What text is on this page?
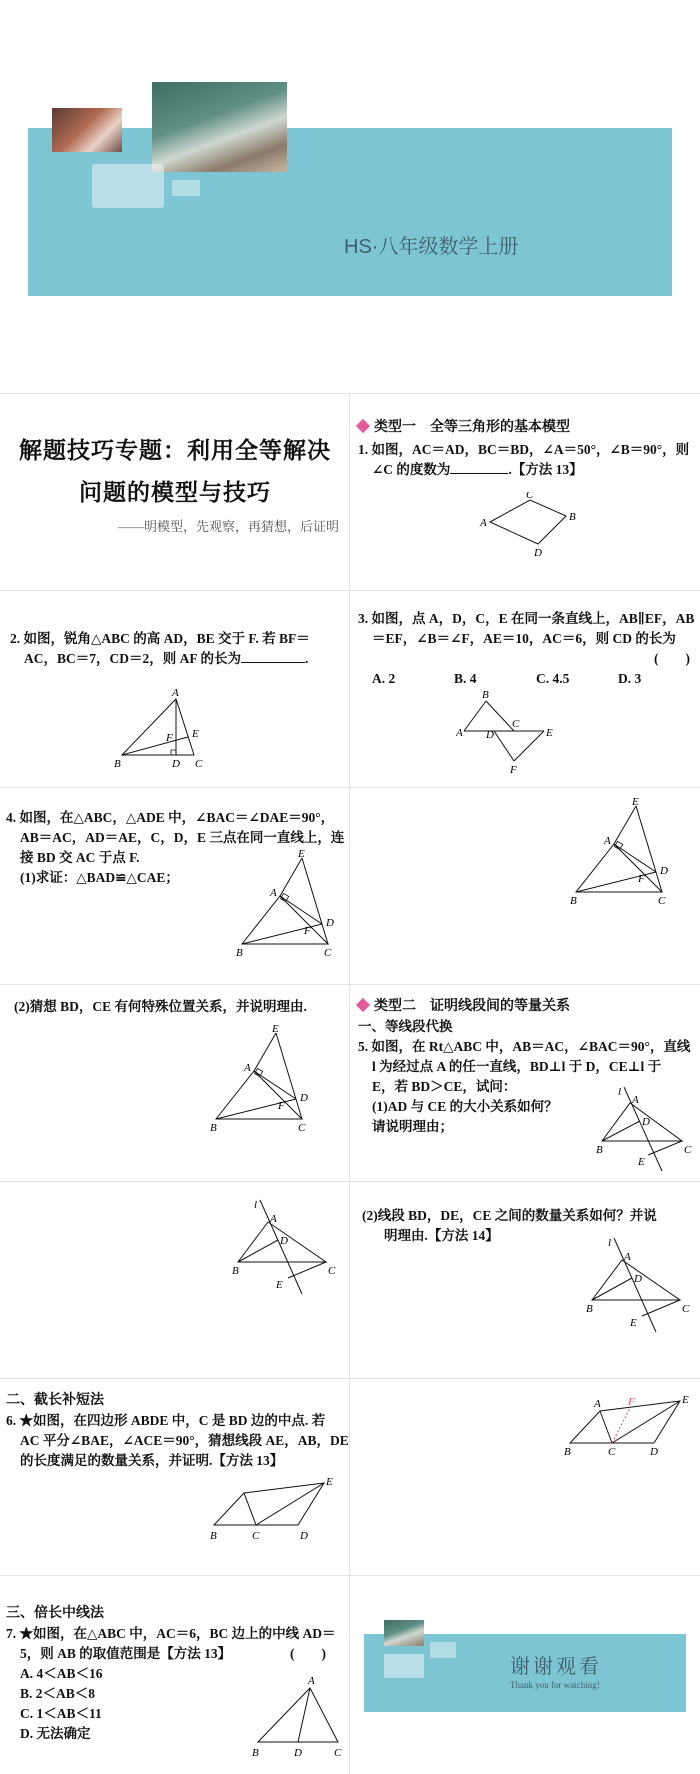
HS·八年级数学上册
解题技巧专题：利用全等解决
问题的模型与技巧
——明模型，先观察，再猜想，后证明
类型一　全等三角形的基本模型
1. 如图，AC＝AD，BC＝BD，∠A＝50°，∠B＝90°，则
∠C 的度数为	.【方法 13】
A	B
C
D
2. 如图，锐角△ABC 的高 AD，BE 交于 F. 若 BF＝
AC，BC＝7，CD＝2，则 AF 的长为	.
A
B	C
D
E
F
3. 如图，点 A，D，C，E 在同一条直线上，AB∥EF，AB
＝EF，∠B＝∠F，AE＝10，AC＝6，则 CD 的长为
(　　)
A. 2	B. 4	C. 4.5	D. 3
A
B
C
D	E
F
4. 如图，在△ABC，△ADE 中，∠BAC＝∠DAE＝90°，
AB＝AC，AD＝AE，C，D，E 三点在同一直线上，连
接 BD 交 AC 于点 F.
(1)求证：△BAD≌△CAE；
A
B	C
D
E
F
A
B	C
D
E
F
(2)猜想 BD，CE 有何特殊位置关系，并说明理由.
A
B	C
D
E
F
类型二　证明线段间的等量关系
一、等线段代换
5. 如图，在 Rt△ABC 中，AB＝AC，∠BAC＝90°，直线
l 为经过点 A 的任一直线，BD⊥l 于 D，CE⊥l 于
E，若 BD＞CE，试问：
(1)AD 与 CE 的大小关系如何？
请说明理由；
l
A
B	C
D
E
l
A
B	C
D
E
(2)线段 BD，DE，CE 之间的数量关系如何？并说
明理由.【方法 14】	l
A
B	C
D
E
二、截长补短法
6. ★如图，在四边形 ABDE 中，C 是 BD 边的中点. 若
AC 平分∠BAE，∠ACE＝90°，猜想线段 AE，AB，DE
的长度满足的数量关系，并证明.【方法 13】
B	C	D
E
A
B	C	D
E
F
三、倍长中线法
7. ★如图，在△ABC 中，AC＝6，BC 边上的中线 AD＝
5，则 AB 的取值范围是【方法 13】	(　　)
A. 4＜AB＜16
B. 2＜AB＜8
C. 1＜AB＜11
D. 无法确定
A
B	C
D
谢谢观看
Thank you for watching!
